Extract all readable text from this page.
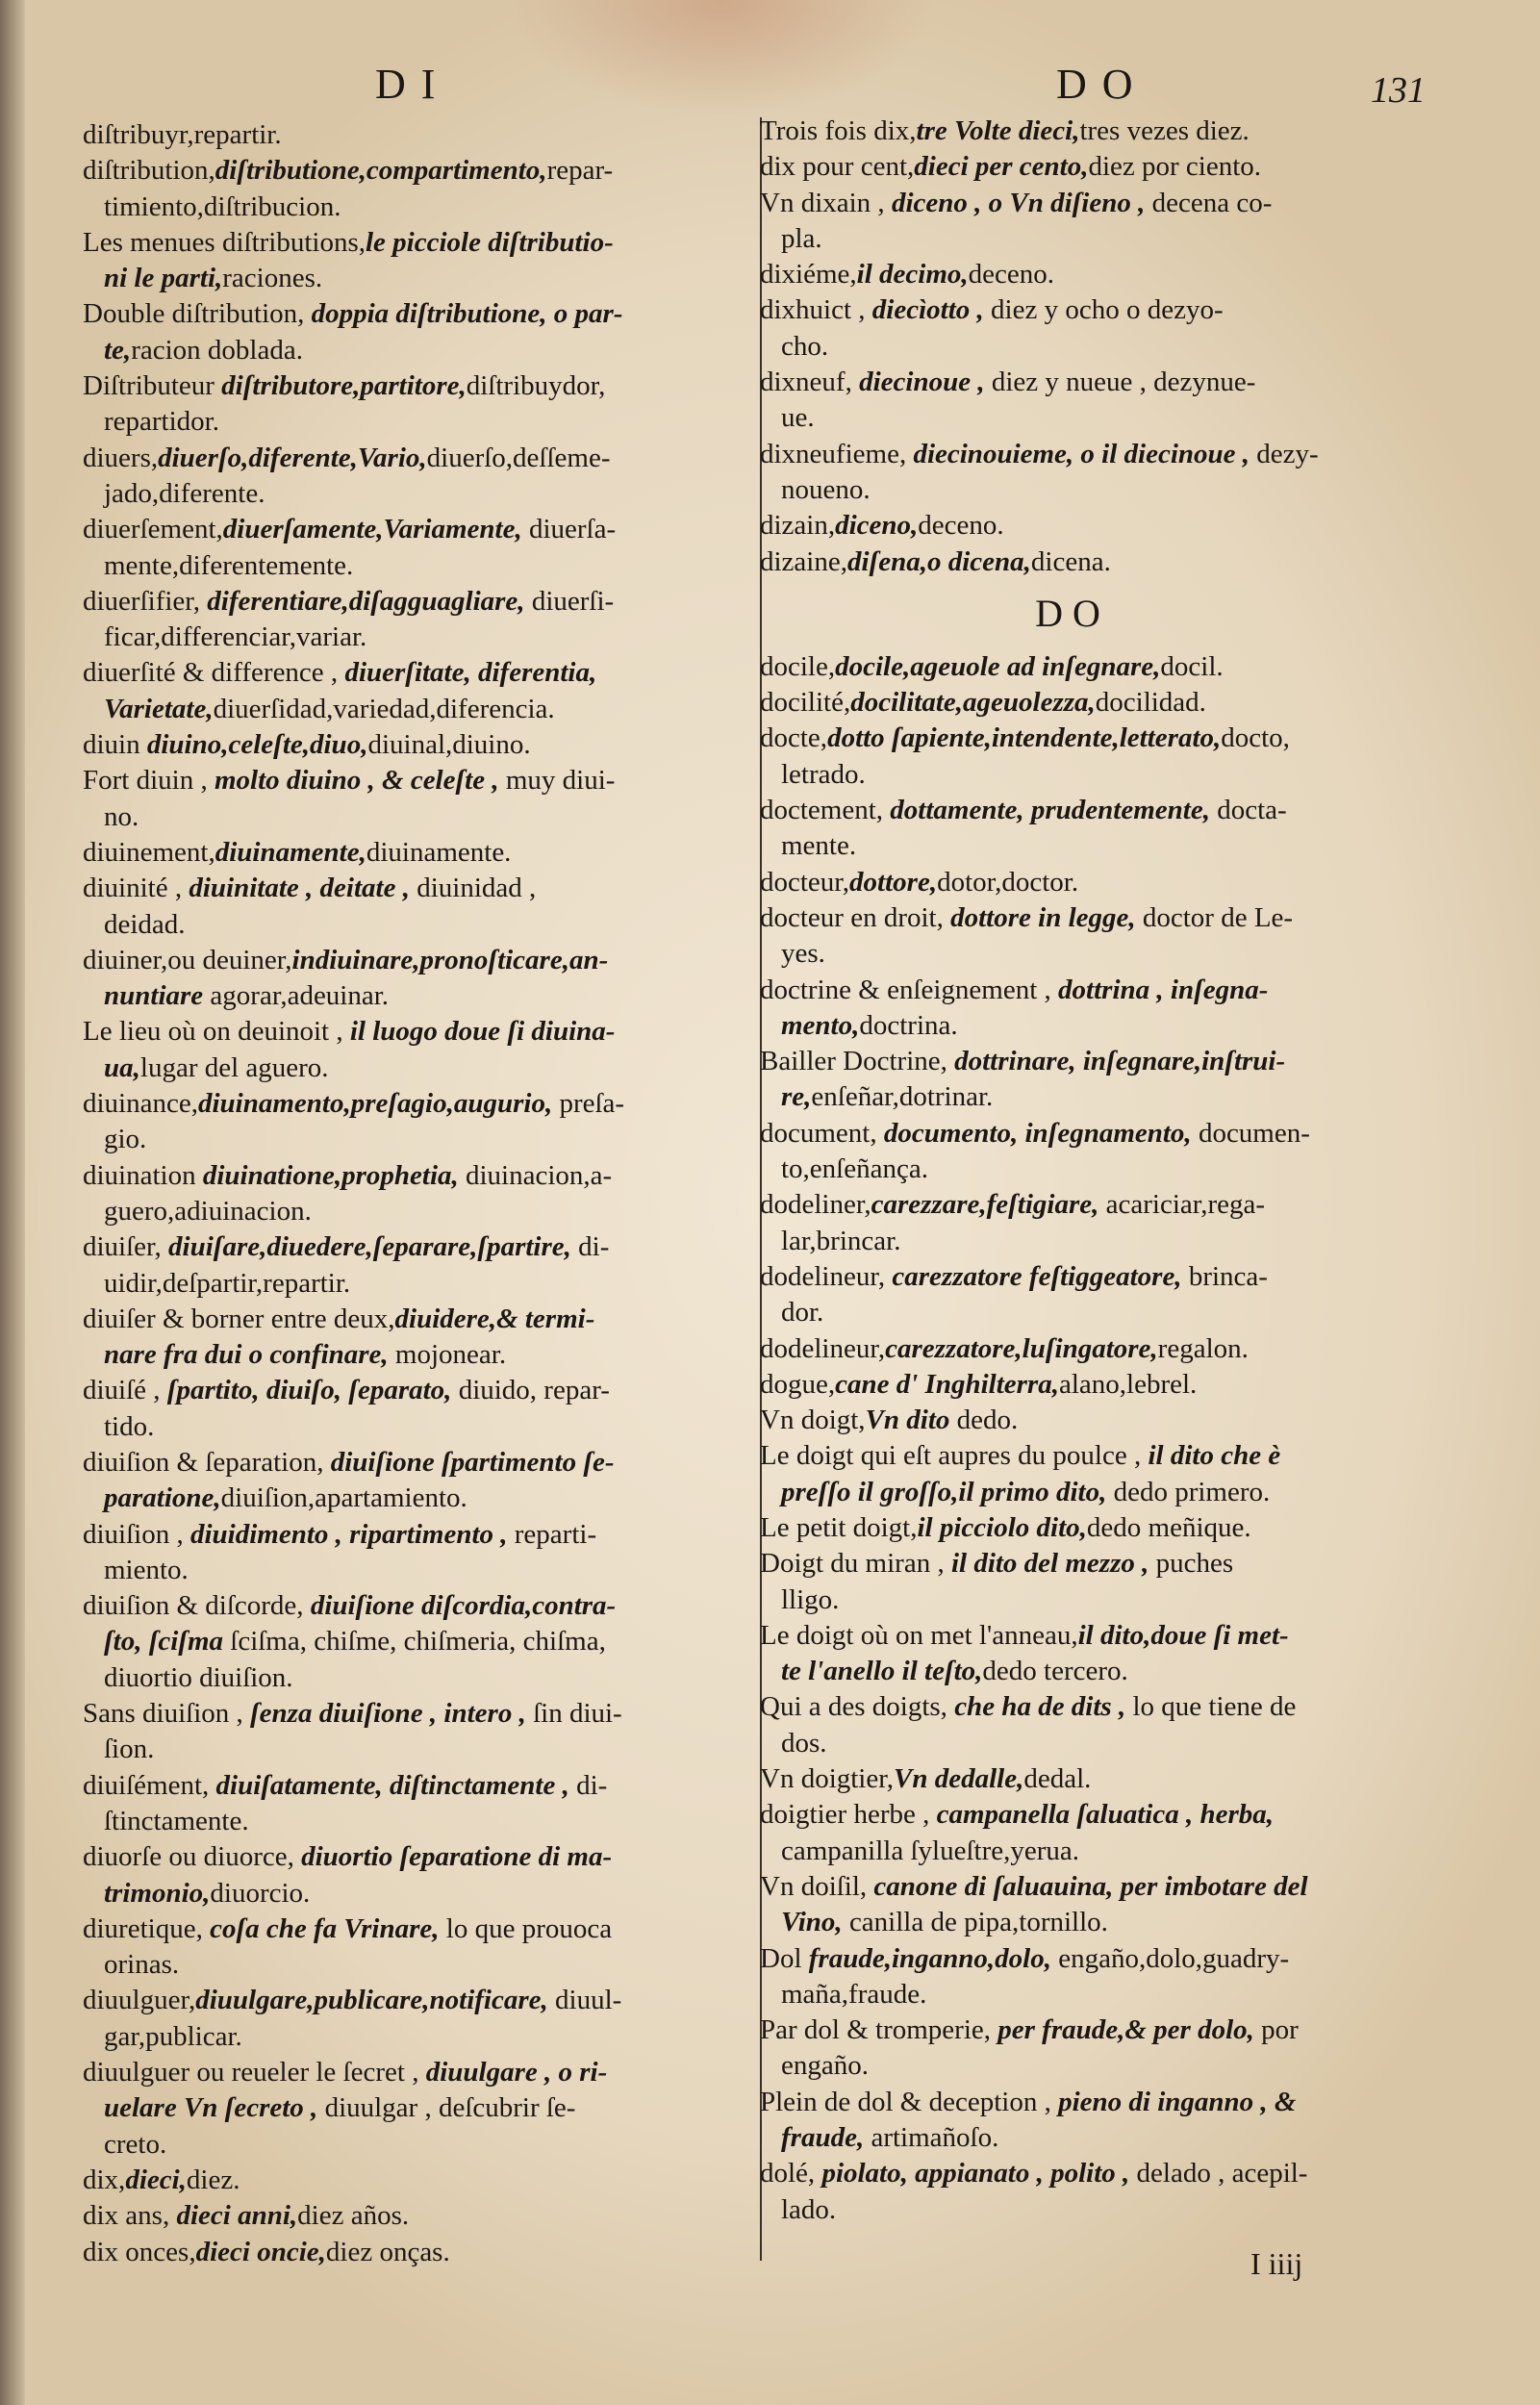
DI	DO	131
diſtribuyr,repartir.
diſtribution,diſtributione,compartimento,repar-
timiento,diſtribucion.
Les menues diſtributions,le picciole diſtributio-
ni le parti,raciones.
Double diſtribution, doppia diſtributione, o par-
te,racion doblada.
Diſtributeur diſtributore,partitore,diſtribuydor,
repartidor.
diuers,diuerſo,diferente,Vario,diuerſo,deſſeme-
jado,diferente.
diuerſement,diuerſamente,Variamente, diuerſa-
mente,diferentemente.
diuerſifier, diferentiare,diſagguagliare, diuerſi-
ficar,differenciar,variar.
diuerſité & difference , diuerſitate, diferentia,
Varietate,diuerſidad,variedad,diferencia.
diuin diuino,celeſte,diuo,diuinal,diuino.
Fort diuin , molto diuino , & celeſte , muy diui-
no.
diuinement,diuinamente,diuinamente.
diuinité , diuinitate , deitate , diuinidad ,
deidad.
diuiner,ou deuiner,indiuinare,pronoſticare,an-
nuntiare agorar,adeuinar.
Le lieu où on deuinoit , il luogo doue ſi diuina-
ua,lugar del aguero.
diuinance,diuinamento,preſagio,augurio, preſa-
gio.
diuination diuinatione,prophetia, diuinacion,a-
guero,adiuinacion.
diuiſer, diuiſare,diuedere,ſeparare,ſpartire, di-
uidir,deſpartir,repartir.
diuiſer & borner entre deux,diuidere,& termi-
nare fra dui o confinare, mojonear.
diuiſé , ſpartito, diuiſo, ſeparato, diuido, repar-
tido.
diuiſion & ſeparation, diuiſione ſpartimento ſe-
paratione,diuiſion,apartamiento.
diuiſion , diuidimento , ripartimento , reparti-
miento.
diuiſion & diſcorde, diuiſione diſcordia,contra-
ſto, ſciſma ſciſma, chiſme, chiſmeria, chiſma,
diuortio diuiſion.
Sans diuiſion , ſenza diuiſione , intero , ſin diui-
ſion.
diuiſément, diuiſatamente, diſtinctamente , di-
ſtinctamente.
diuorſe ou diuorce, diuortio ſeparatione di ma-
trimonio,diuorcio.
diuretique, coſa che fa Vrinare, lo que prouoca
orinas.
diuulguer,diuulgare,publicare,notificare, diuul-
gar,publicar.
diuulguer ou reueler le ſecret , diuulgare , o ri-
uelare Vn ſecreto , diuulgar , deſcubrir ſe-
creto.
dix,dieci,diez.
dix ans, dieci anni,diez años.
dix onces,dieci oncie,diez onças.
Trois fois dix,tre Volte dieci,tres vezes diez.
dix pour cent,dieci per cento,diez por ciento.
Vn dixain , diceno , o Vn diſieno , decena co-
pla.
dixiéme,il decimo,deceno.
dixhuict , diecìotto , diez y ocho o dezyo-
cho.
dixneuf, diecinoue , diez y nueue , dezynue-
ue.
dixneufieme, diecinouieme, o il diecinoue , dezy-
noueno.
dizain,diceno,deceno.
dizaine,diſena,o dicena,dicena.
DO
docile,docile,ageuole ad inſegnare,docil.
docilité,docilitate,ageuolezza,docilidad.
docte,dotto ſapiente,intendente,letterato,docto,
letrado.
doctement, dottamente, prudentemente, docta-
mente.
docteur,dottore,dotor,doctor.
docteur en droit, dottore in legge, doctor de Le-
yes.
doctrine & enſeignement , dottrina , inſegna-
mento,doctrina.
Bailler Doctrine, dottrinare, inſegnare,inſtrui-
re,enſeñar,dotrinar.
document, documento, inſegnamento, documen-
to,enſeñança.
dodeliner,carezzare,feſtigiare, acariciar,rega-
lar,brincar.
dodelineur, carezzatore feſtiggeatore, brinca-
dor.
dodelineur,carezzatore,luſingatore,regalon.
dogue,cane d' Inghilterra,alano,lebrel.
Vn doigt,Vn dito dedo.
Le doigt qui eſt aupres du poulce , il dito che è
preſſo il groſſo,il primo dito, dedo primero.
Le petit doigt,il picciolo dito,dedo meñique.
Doigt du miran , il dito del mezzo , puches
lligo.
Le doigt où on met l'anneau,il dito,doue ſi met-
te l'anello il teſto,dedo tercero.
Qui a des doigts, che ha de dits , lo que tiene de
dos.
Vn doigtier,Vn dedalle,dedal.
doigtier herbe , campanella ſaluatica , herba,
campanilla ſylueſtre,yerua.
Vn doiſil, canone di ſaluauina, per imbotare del
Vino, canilla de pipa,tornillo.
Dol fraude,inganno,dolo, engaño,dolo,guadry-
maña,fraude.
Par dol & tromperie, per fraude,& per dolo, por
engaño.
Plein de dol & deception , pieno di inganno , &
fraude, artimañoſo.
dolé, piolato, appianato , polito , delado , acepil-
lado.
I iiij
